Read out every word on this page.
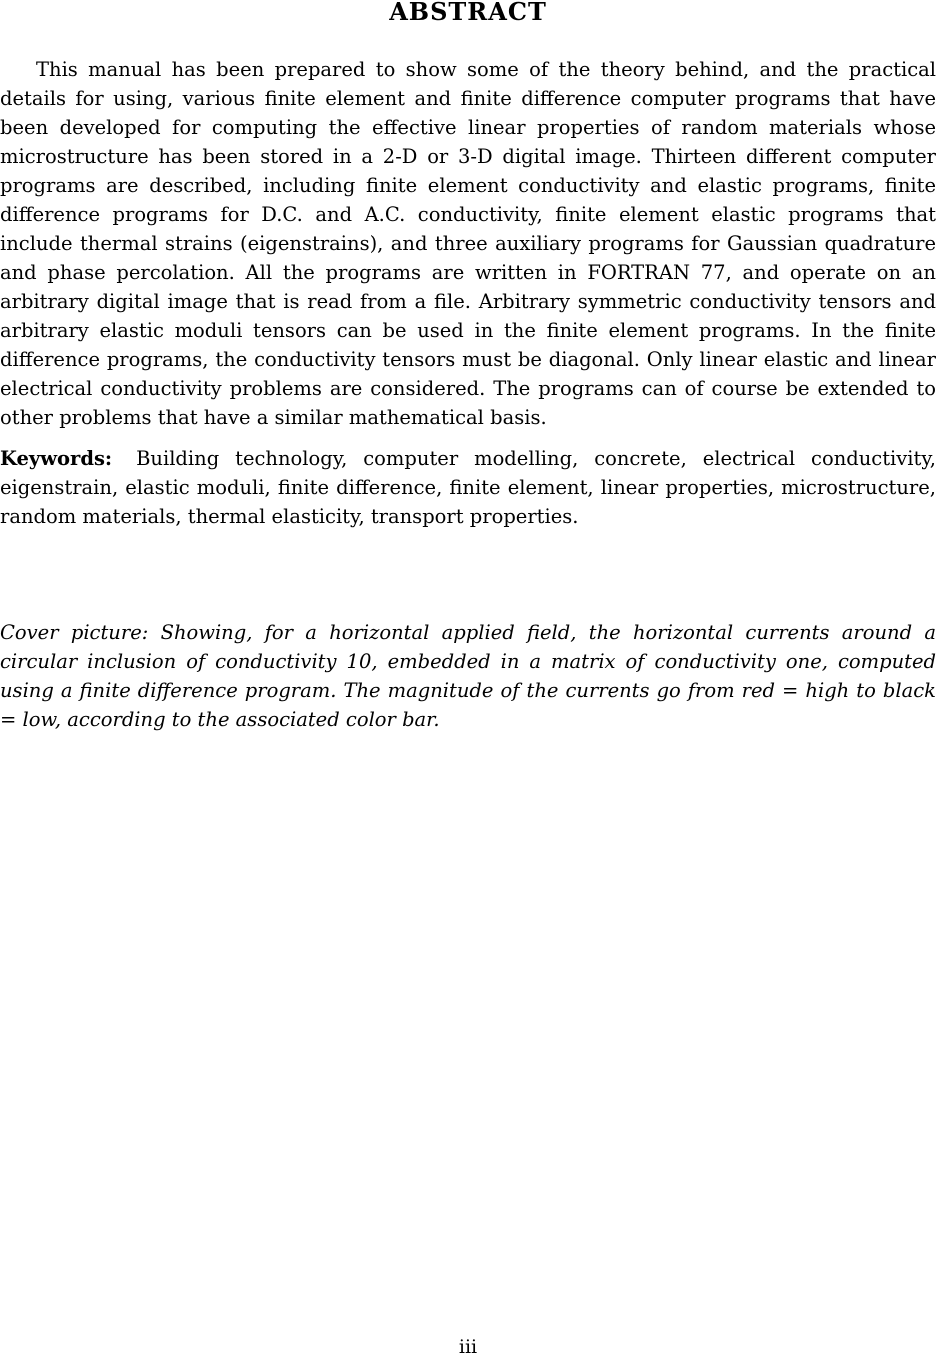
ABSTRACT

This manual has been prepared to show some of the theory behind, and the practical details for using, various finite element and finite difference computer programs that have been developed for computing the effective linear properties of random materials whose microstructure has been stored in a 2-D or 3-D digital image. Thirteen different computer programs are described, including finite element conductivity and elastic programs, finite difference programs for D.C. and A.C. conductivity, finite element elastic programs that include thermal strains (eigenstrains), and three auxiliary programs for Gaussian quadrature and phase percolation. All the programs are written in FORTRAN 77, and operate on an arbitrary digital image that is read from a file. Arbitrary symmetric conductivity tensors and arbitrary elastic moduli tensors can be used in the finite element programs. In the finite difference programs, the conductivity tensors must be diagonal. Only linear elastic and linear electrical conductivity problems are considered. The programs can of course be extended to other problems that have a similar mathematical basis.

Keywords: Building technology, computer modelling, concrete, electrical conductivity, eigenstrain, elastic moduli, finite difference, finite element, linear properties, microstructure, random materials, thermal elasticity, transport properties.

Cover picture: Showing, for a horizontal applied field, the horizontal currents around a circular inclusion of conductivity 10, embedded in a matrix of conductivity one, computed using a finite difference program. The magnitude of the currents go from red = high to black = low, according to the associated color bar.

iii
